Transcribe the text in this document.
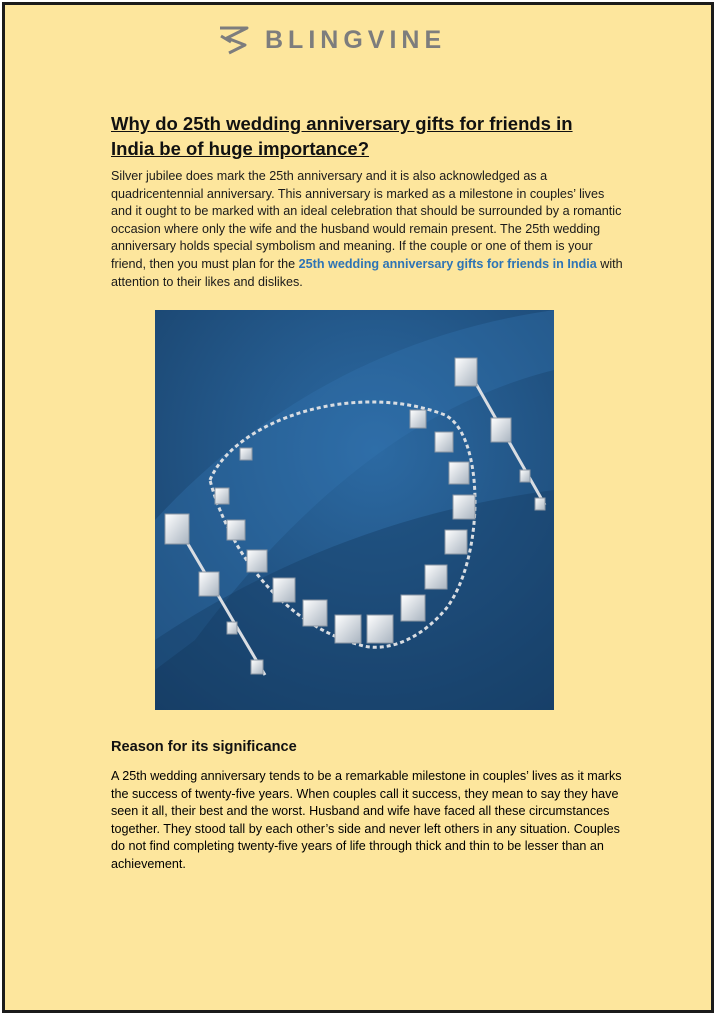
BLINGVINE
Why do 25th wedding anniversary gifts for friends in
India be of huge importance?

Silver jubilee does mark the 25th anniversary and it is also acknowledged as a quadricentennial anniversary. This anniversary is marked as a milestone in couples’ lives and it ought to be marked with an ideal celebration that should be surrounded by a romantic occasion where only the wife and the husband would remain present. The 25th wedding anniversary holds special symbolism and meaning. If the couple or one of them is your friend, then you must plan for the 25th wedding anniversary gifts for friends in India with attention to their likes and dislikes.

Reason for its significance

A 25th wedding anniversary tends to be a remarkable milestone in couples’ lives as it marks the success of twenty-five years. When couples call it success, they mean to say they have seen it all, their best and the worst. Husband and wife have faced all these circumstances together. They stood tall by each other’s side and never left others in any situation. Couples do not find completing twenty-five years of life through thick and thin to be lesser than an achievement.
